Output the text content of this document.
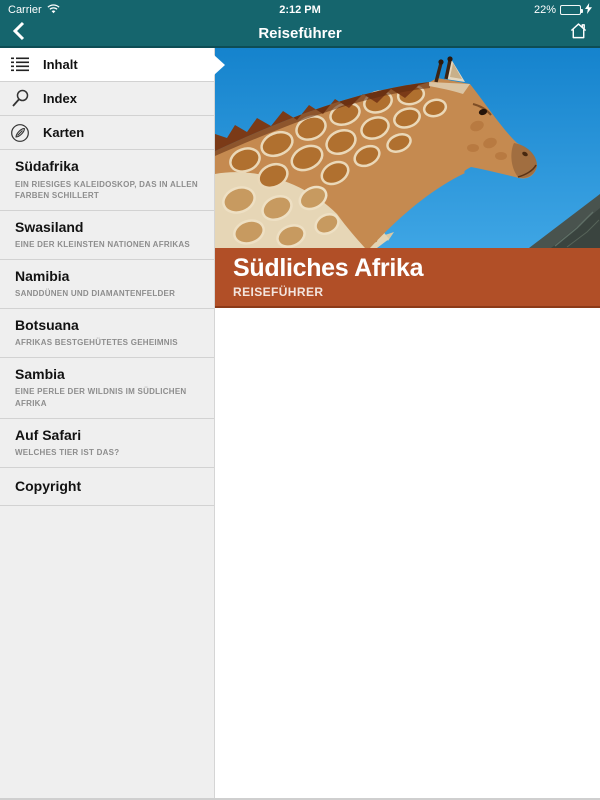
Carrier	2:12 PM	22%
Reiseführer
Inhalt
Index
Karten
Südafrika
EIN RIESIGES KALEIDOSKOP, DAS IN ALLEN FARBEN SCHILLERT
Swasiland
EINE DER KLEINSTEN NATIONEN AFRIKAS
Namibia
SANDDÜNEN UND DIAMANTENFELDER
Botsuana
AFRIKAS BESTGEHÜTETES GEHEIMNIS
Sambia
EINE PERLE DER WILDNIS IM SÜDLICHEN AFRIKA
Auf Safari
WELCHES TIER IST DAS?
Copyright
Südliches Afrika
REISEFÜHRER
